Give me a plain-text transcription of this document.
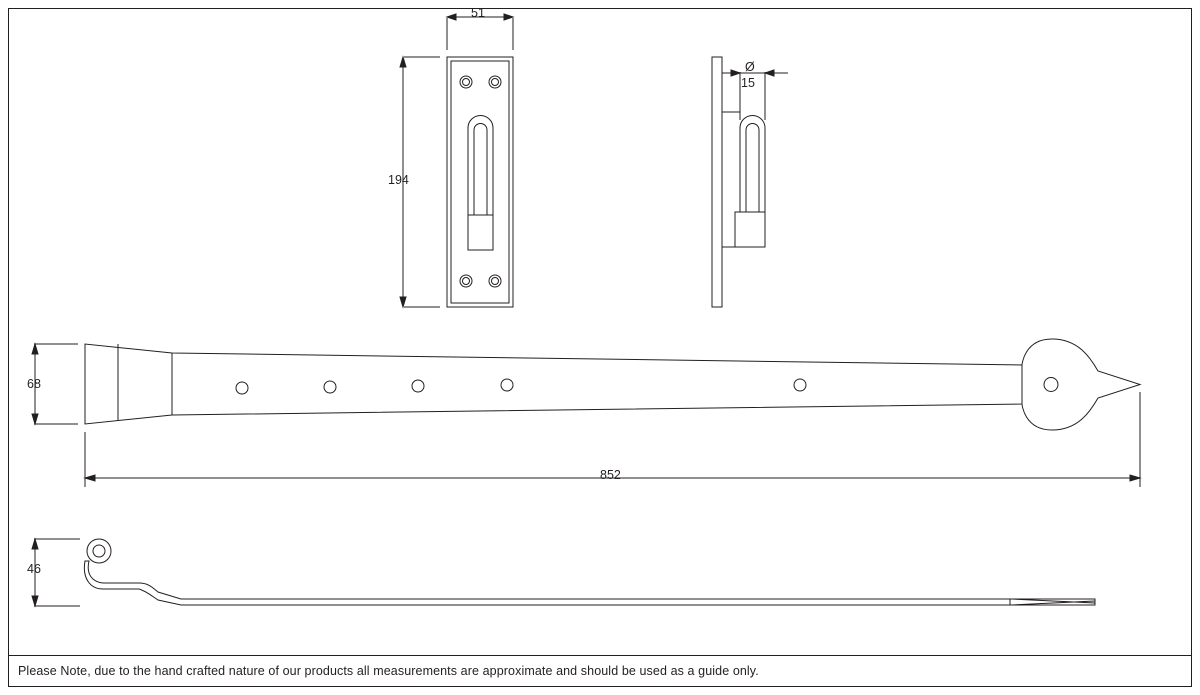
51
194
Ø
15
68
852
46
Please Note, due to the hand crafted nature of our products all measurements are approximate and should be used as a guide only.
